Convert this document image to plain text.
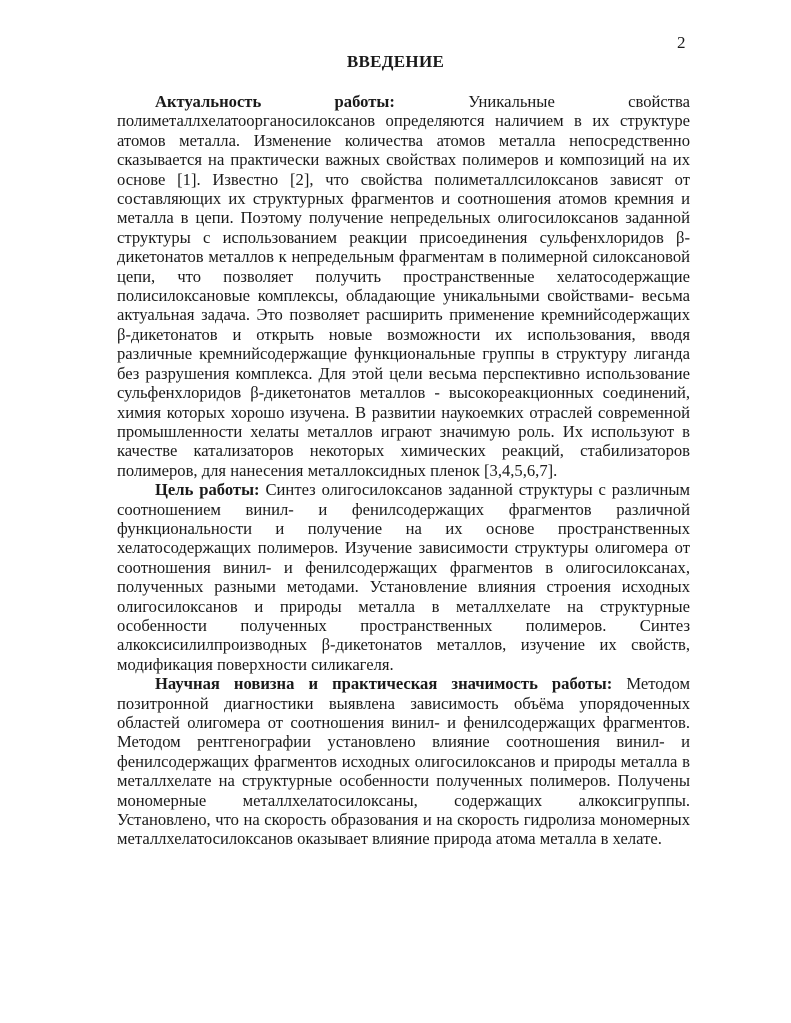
2
ВВЕДЕНИЕ

Актуальность работы:	Уникальные свойства полиметаллхелатоорганосилоксанов определяются наличием в их структуре атомов металла. Изменение количества атомов металла непосредственно сказывается на практически важных свойствах полимеров и композиций на их основе [1]. Известно [2], что свойства полиметаллсилоксанов зависят от составляющих их структурных фрагментов и соотношения атомов кремния и металла в цепи. Поэтому получение непредельных олигосилоксанов заданной структуры с использованием реакции присоединения сульфенхлоридов β-дикетонатов металлов к непредельным фрагментам в полимерной силоксановой цепи, что позволяет получить пространственные хелатосодержащие полисилоксановые комплексы, обладающие уникальными свойствами- весьма актуальная задача. Это позволяет расширить применение кремнийсодержащих β-дикетонатов и открыть новые возможности их использования, вводя различные кремнийсодержащие функциональные группы в структуру лиганда без разрушения комплекса. Для этой цели весьма перспективно использование сульфенхлоридов β-дикетонатов металлов - высокореакционных соединений, химия которых хорошо изучена. В развитии наукоемких отраслей современной промышленности хелаты металлов играют значимую роль. Их используют в качестве катализаторов некоторых химических реакций, стабилизаторов полимеров, для нанесения металлоксидных пленок [3,4,5,6,7].

Цель работы: Синтез олигосилоксанов заданной структуры с различным соотношением винил- и фенилсодержащих фрагментов различной функциональности и получение на их основе пространственных хелатосодержащих полимеров. Изучение зависимости структуры олигомера от соотношения винил- и фенилсодержащих фрагментов в олигосилоксанах, полученных разными методами. Установление влияния строения исходных олигосилоксанов и природы металла в металлхелате на структурные особенности полученных пространственных полимеров. Синтез алкоксисилилпроизводных β-дикетонатов металлов, изучение их свойств, модификация поверхности силикагеля.

Научная новизна и практическая значимость работы: Методом позитронной диагностики выявлена зависимость объёма упорядоченных областей олигомера от соотношения винил- и фенилсодержащих фрагментов. Методом рентгенографии установлено влияние соотношения винил- и фенилсодержащих фрагментов исходных олигосилоксанов и природы металла в металлхелате на структурные особенности полученных полимеров. Получены мономерные металлхелатосилоксаны, содержащих алкоксигруппы. Установлено, что на скорость образования и на скорость гидролиза мономерных металлхелатосилоксанов оказывает влияние природа атома металла в хелате.
